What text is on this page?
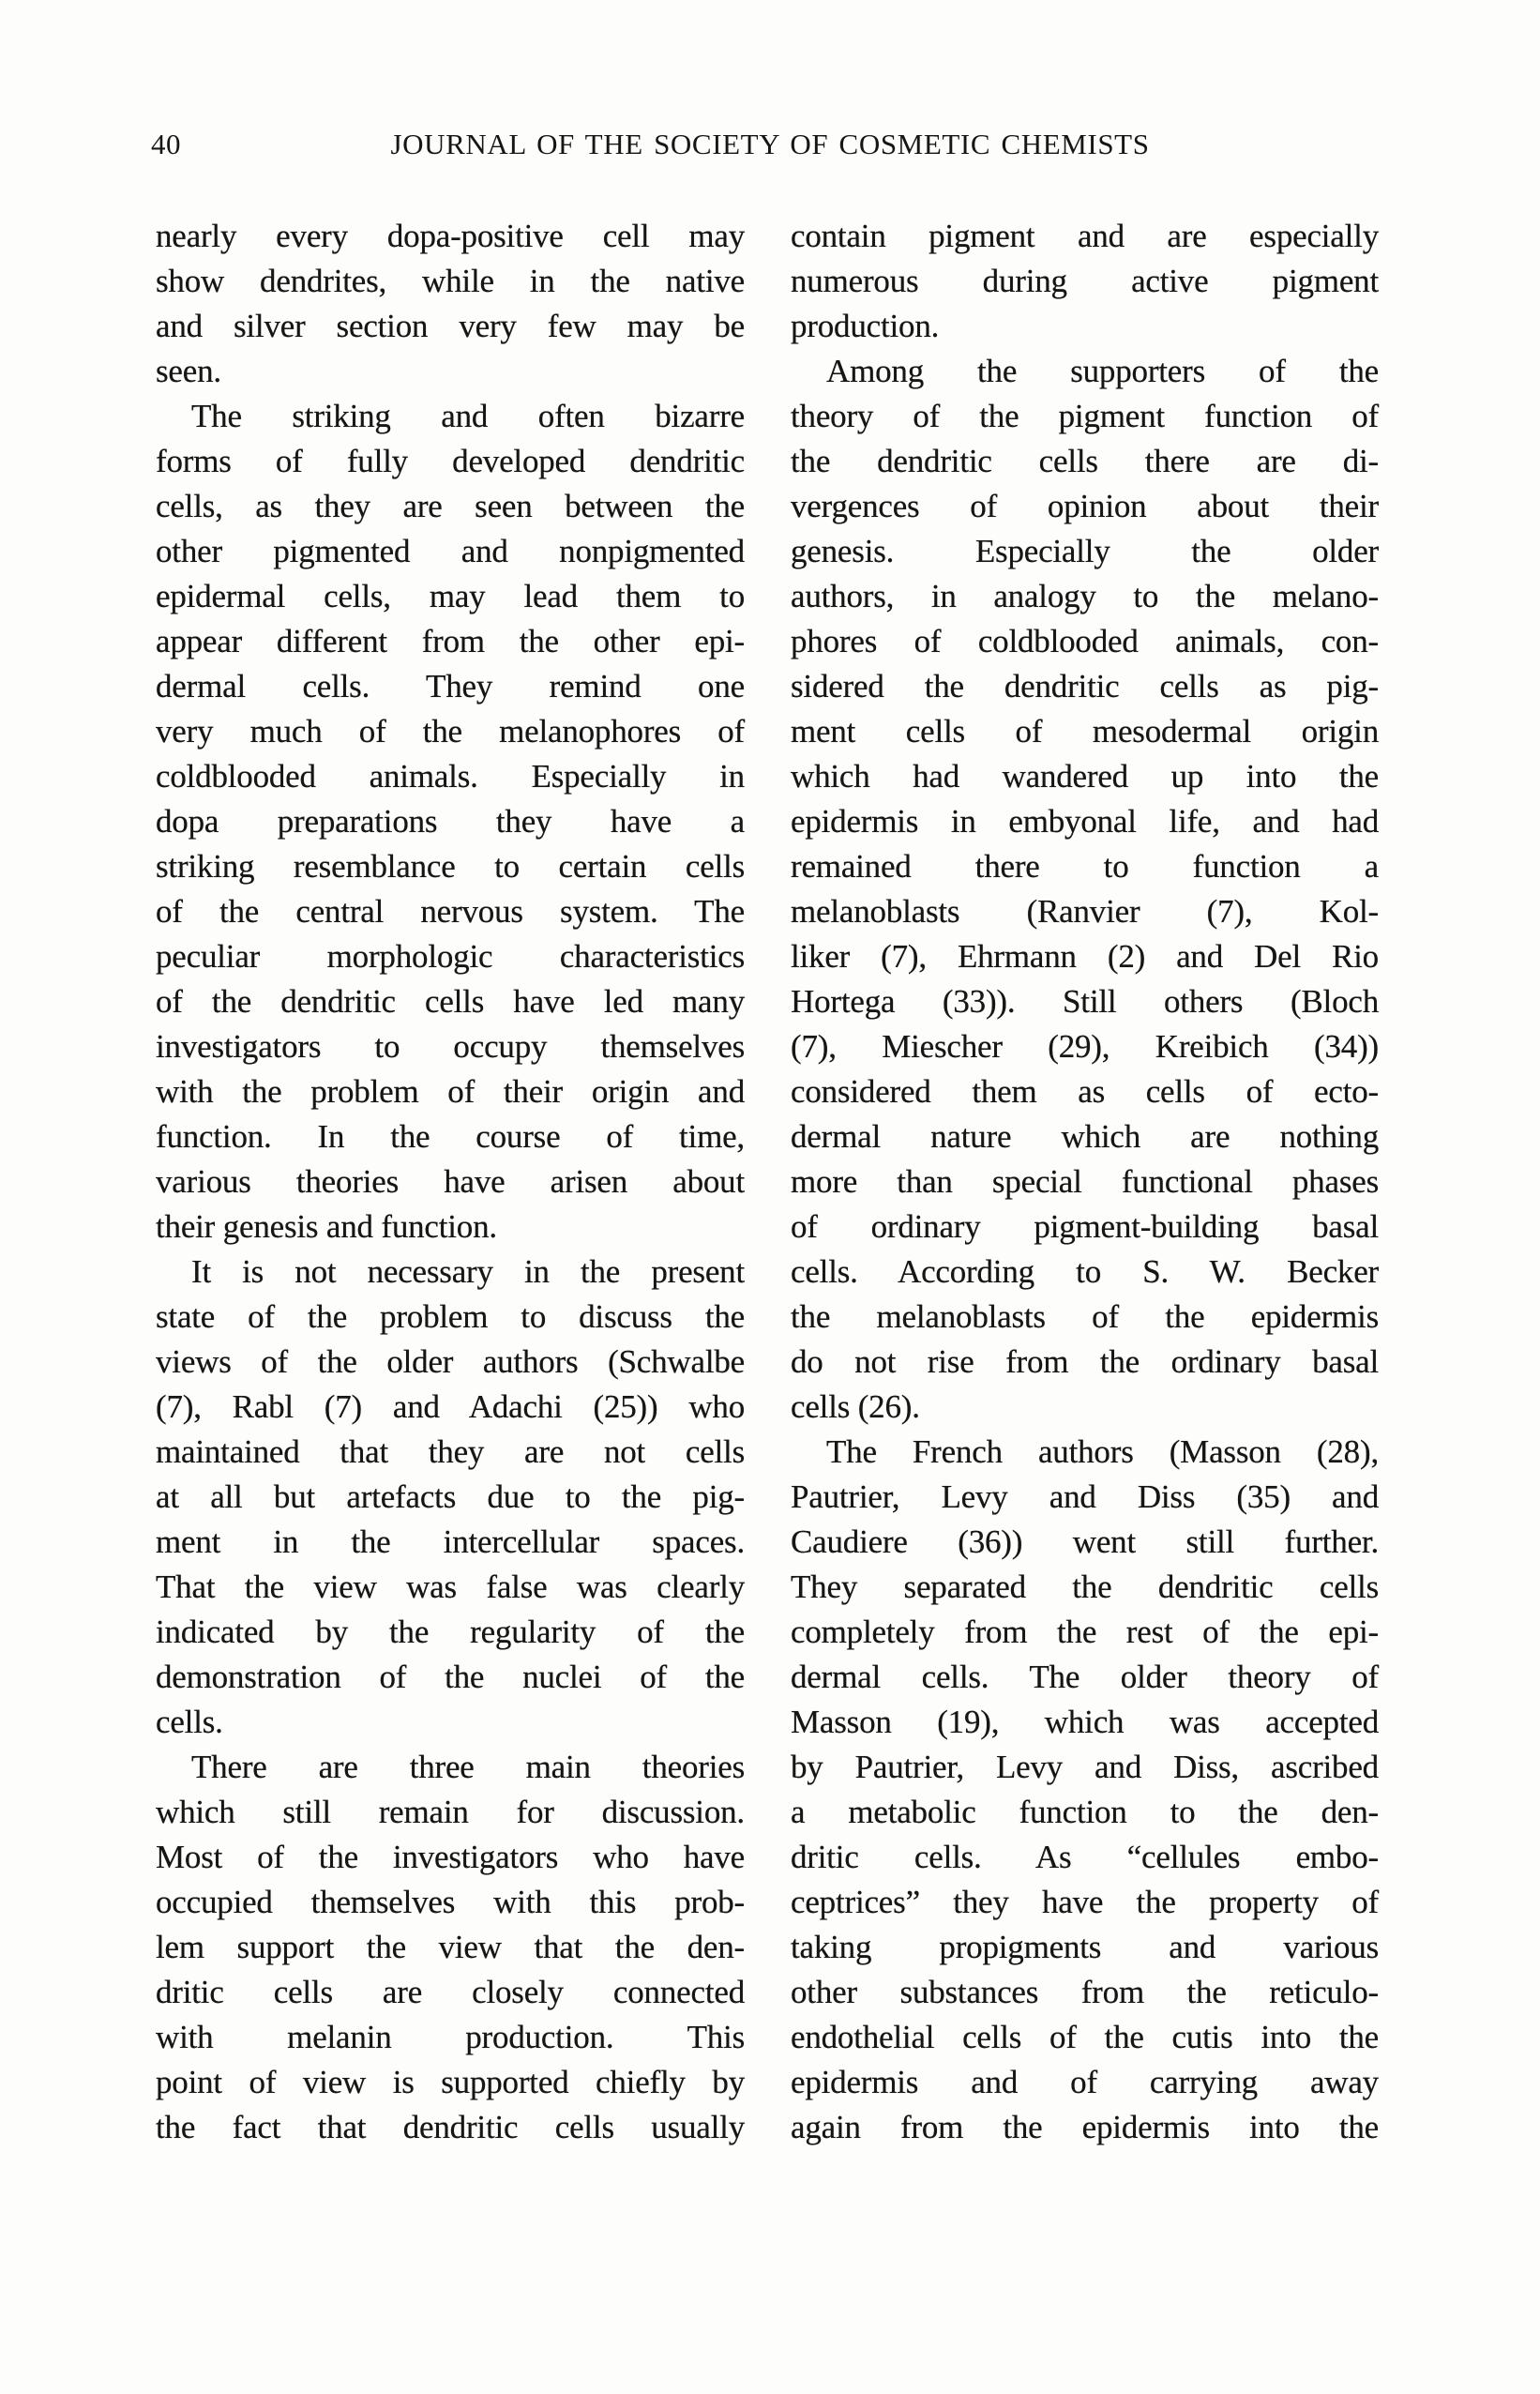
40	JOURNAL OF THE SOCIETY OF COSMETIC CHEMISTS
nearly every dopa-positive cell may
show dendrites, while in the native
and silver section very few may be
seen.
The striking and often bizarre
forms of fully developed dendritic
cells, as they are seen between the
other pigmented and nonpigmented
epidermal cells, may lead them to
appear different from the other epi-
dermal cells. They remind one
very much of the melanophores of
coldblooded animals. Especially in
dopa preparations they have a
striking resemblance to certain cells
of the central nervous system. The
peculiar morphologic characteristics
of the dendritic cells have led many
investigators to occupy themselves
with the problem of their origin and
function. In the course of time,
various theories have arisen about
their genesis and function.
It is not necessary in the present
state of the problem to discuss the
views of the older authors (Schwalbe
(7), Rabl (7) and Adachi (25)) who
maintained that they are not cells
at all but artefacts due to the pig-
ment in the intercellular spaces.
That the view was false was clearly
indicated by the regularity of the
demonstration of the nuclei of the
cells.
There are three main theories
which still remain for discussion.
Most of the investigators who have
occupied themselves with this prob-
lem support the view that the den-
dritic cells are closely connected
with melanin production. This
point of view is supported chiefly by
the fact that dendritic cells usually
contain pigment and are especially
numerous during active pigment
production.
Among the supporters of the
theory of the pigment function of
the dendritic cells there are di-
vergences of opinion about their
genesis. Especially the older
authors, in analogy to the melano-
phores of coldblooded animals, con-
sidered the dendritic cells as pig-
ment cells of mesodermal origin
which had wandered up into the
epidermis in embyonal life, and had
remained there to function a
melanoblasts (Ranvier (7), Kol-
liker (7), Ehrmann (2) and Del Rio
Hortega (33)). Still others (Bloch
(7), Miescher (29), Kreibich (34))
considered them as cells of ecto-
dermal nature which are nothing
more than special functional phases
of ordinary pigment-building basal
cells. According to S. W. Becker
the melanoblasts of the epidermis
do not rise from the ordinary basal
cells (26).
The French authors (Masson (28),
Pautrier, Levy and Diss (35) and
Caudiere (36)) went still further.
They separated the dendritic cells
completely from the rest of the epi-
dermal cells. The older theory of
Masson (19), which was accepted
by Pautrier, Levy and Diss, ascribed
a metabolic function to the den-
dritic cells. As “cellules embo-
ceptrices” they have the property of
taking propigments and various
other substances from the reticulo-
endothelial cells of the cutis into the
epidermis and of carrying away
again from the epidermis into the
